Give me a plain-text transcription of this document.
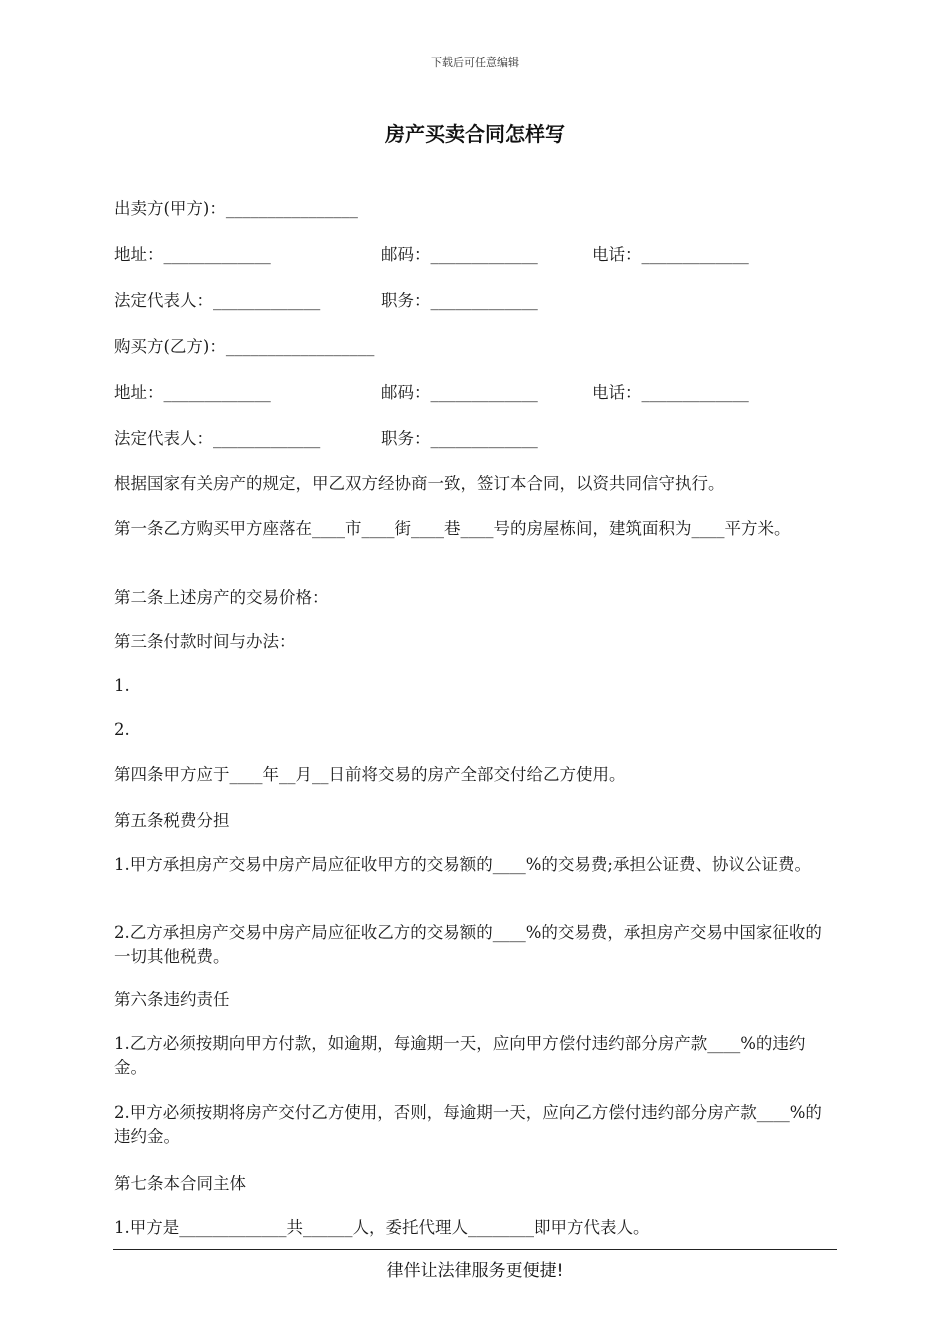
下载后可任意编辑
房产买卖合同怎样写
出卖方(甲方)：________________
地址：_____________	邮码：_____________	电话：_____________
法定代表人：_____________	职务：_____________
购买方(乙方)：__________________
地址：_____________	邮码：_____________	电话：_____________
法定代表人：_____________	职务：_____________
根据国家有关房产的规定，甲乙双方经协商一致，签订本合同，以资共同信守执行。
第一条乙方购买甲方座落在____市____街____巷____号的房屋栋间，建筑面积为____平方米。
第二条上述房产的交易价格：
第三条付款时间与办法：
1.
2.
第四条甲方应于____年__月__日前将交易的房产全部交付给乙方使用。
第五条税费分担
1.甲方承担房产交易中房产局应征收甲方的交易额的____%的交易费;承担公证费、协议公证费。
2.乙方承担房产交易中房产局应征收乙方的交易额的____%的交易费，承担房产交易中国家征收的一切其他税费。
第六条违约责任
1.乙方必须按期向甲方付款，如逾期，每逾期一天，应向甲方偿付违约部分房产款____%的违约金。
2.甲方必须按期将房产交付乙方使用，否则，每逾期一天，应向乙方偿付违约部分房产款____%的违约金。
第七条本合同主体
1.甲方是_____________共______人，委托代理人________即甲方代表人。
律伴让法律服务更便捷!
